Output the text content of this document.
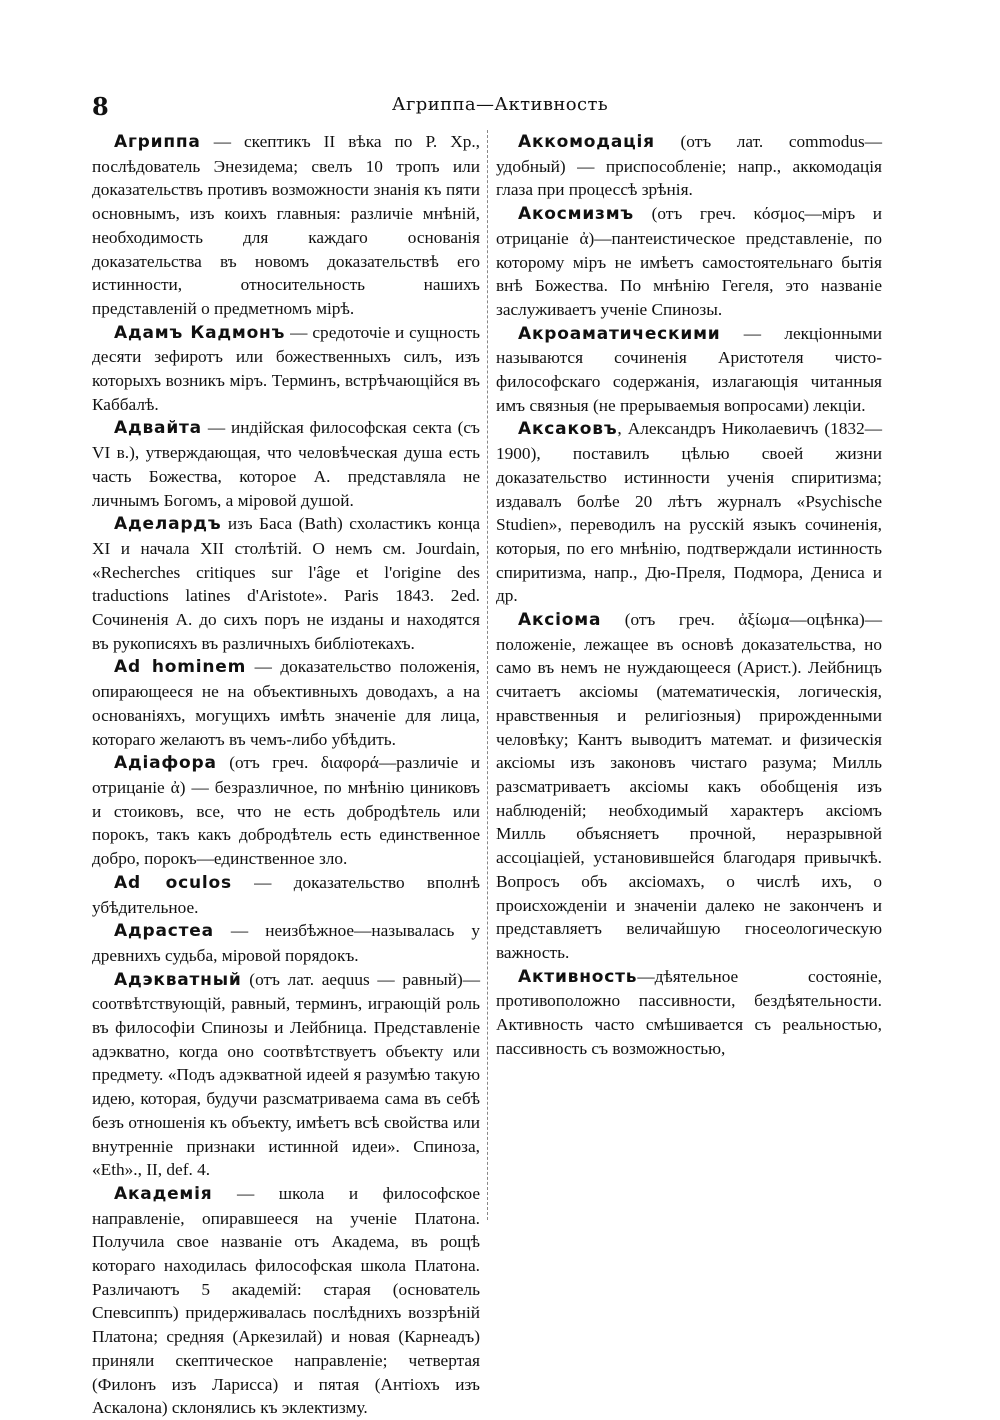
8	Агриппа—Активность

Агриппа — скептикъ II вѣка по Р. Хр., послѣдователь Энезидема; свелъ 10 тропъ или доказательствъ противъ возможности знанія къ пяти основнымъ, изъ коихъ главныя: различіе мнѣній, необходимость для каждаго основанія доказательства въ новомъ доказательствѣ его истинности, относительность нашихъ представленій о предметномъ мірѣ.

Адамъ Кадмонъ — средоточіе и сущность десяти зефиротъ или божественныхъ силъ, изъ которыхъ возникъ міръ. Терминъ, встрѣчающійся въ Каббалѣ.

Адвайта — индійская философская секта (съ VI в.), утверждающая, что человѣческая душа есть часть Божества, которое А. представляла не личнымъ Богомъ, а міровой душой.

Аделардъ изъ Баса (Bath) схоластикъ конца XI и начала XII столѣтій. О немъ см. Jourdain, «Recherches critiques sur l'âge et l'origine des traductions latines d'Aristote». Paris 1843. 2ed. Сочиненія А. до сихъ поръ не изданы и находятся въ рукописяхъ въ различныхъ библіотекахъ.

Ad hominem — доказательство положенія, опирающееся не на объективныхъ доводахъ, а на основаніяхъ, могущихъ имѣть значеніе для лица, котораго желаютъ въ чемъ-либо убѣдить.

Адіафора (отъ греч. διαφορά—различіе и отрицаніе ἀ) — безразличное, по мнѣнію циниковъ и стоиковъ, все, что не есть добродѣтель или порокъ, такъ какъ добродѣтель есть единственное добро, порокъ—единственное зло.

Ad oculos — доказательство вполнѣ убѣдительное.

Адрастеа — неизбѣжное—называлась у древнихъ судьба, міровой порядокъ.

Адэкватный (отъ лат. aequus — равный)—соотвѣтствующій, равный, терминъ, играющій роль въ философіи Спинозы и Лейбница. Представленіе адэкватно, когда оно соотвѣтствуетъ объекту или предмету. «Подъ адэкватной идеей я разумѣю такую идею, которая, будучи разсматриваема сама въ себѣ безъ отношенія къ объекту, имѣетъ всѣ свойства или внутренніе признаки истинной идеи». Спиноза, «Eth»., II, def. 4.

Академія — школа и философское направленіе, опиравшееся на ученіе Платона. Получила свое названіе отъ Академа, въ рощѣ котораго находилась философская школа Платона. Различаютъ 5 академій: старая (основатель Спевсиппъ) придерживалась послѣднихъ воззрѣній Платона; средняя (Аркезилай) и новая (Карнеадъ) приняли скептическое направленіе; четвертая (Филонъ изъ Ларисса) и пятая (Антіохъ изъ Аскалона) склонялись къ эклектизму.

Аккомодація (отъ лат. commodus—удобный) — приспособленіе; напр., аккомодація глаза при процессѣ зрѣнія.

Акосмизмъ (отъ греч. κόσμος—міръ и отрицаніе ἀ)—пантеистическое представленіе, по которому міръ не имѣетъ самостоятельнаго бытія внѣ Божества. По мнѣнію Гегеля, это названіе заслуживаетъ ученіе Спинозы.

Акроаматическими — лекціонными называются сочиненія Аристотеля чисто-философскаго содержанія, излагающія читанныя имъ связныя (не прерываемыя вопросами) лекціи.

Аксаковъ, Александръ Николаевичъ (1832—1900), поставилъ цѣлью своей жизни доказательство истинности ученія спиритизма; издавалъ болѣе 20 лѣтъ журналъ «Psychische Studien», переводилъ на русскій языкъ сочиненія, которыя, по его мнѣнію, подтверждали истинность спиритизма, напр., Дю-Преля, Подмора, Дениса и др.

Аксіома (отъ греч. ἀξίωμα—оцѣнка)—положеніе, лежащее въ основѣ доказательства, но само въ немъ не нуждающееся (Арист.). Лейбницъ считаетъ аксіомы (математическія, логическія, нравственныя и религіозныя) прирожденными человѣку; Кантъ выводитъ математ. и физическія аксіомы изъ законовъ чистаго разума; Милль разсматриваетъ аксіомы какъ обобщенія изъ наблюденій; необходимый характеръ аксіомъ Милль объясняетъ прочной, неразрывной ассоціаціей, установившейся благодаря привычкѣ. Вопросъ объ аксіомахъ, о числѣ ихъ, о происхожденіи и значеніи далеко не законченъ и представляетъ величайшую гносеологическую важность.

Активность—дѣятельное состояніе, противоположно пассивности, бездѣятельности. Активность часто смѣшивается съ реальностью, пассивность съ возможностью,
